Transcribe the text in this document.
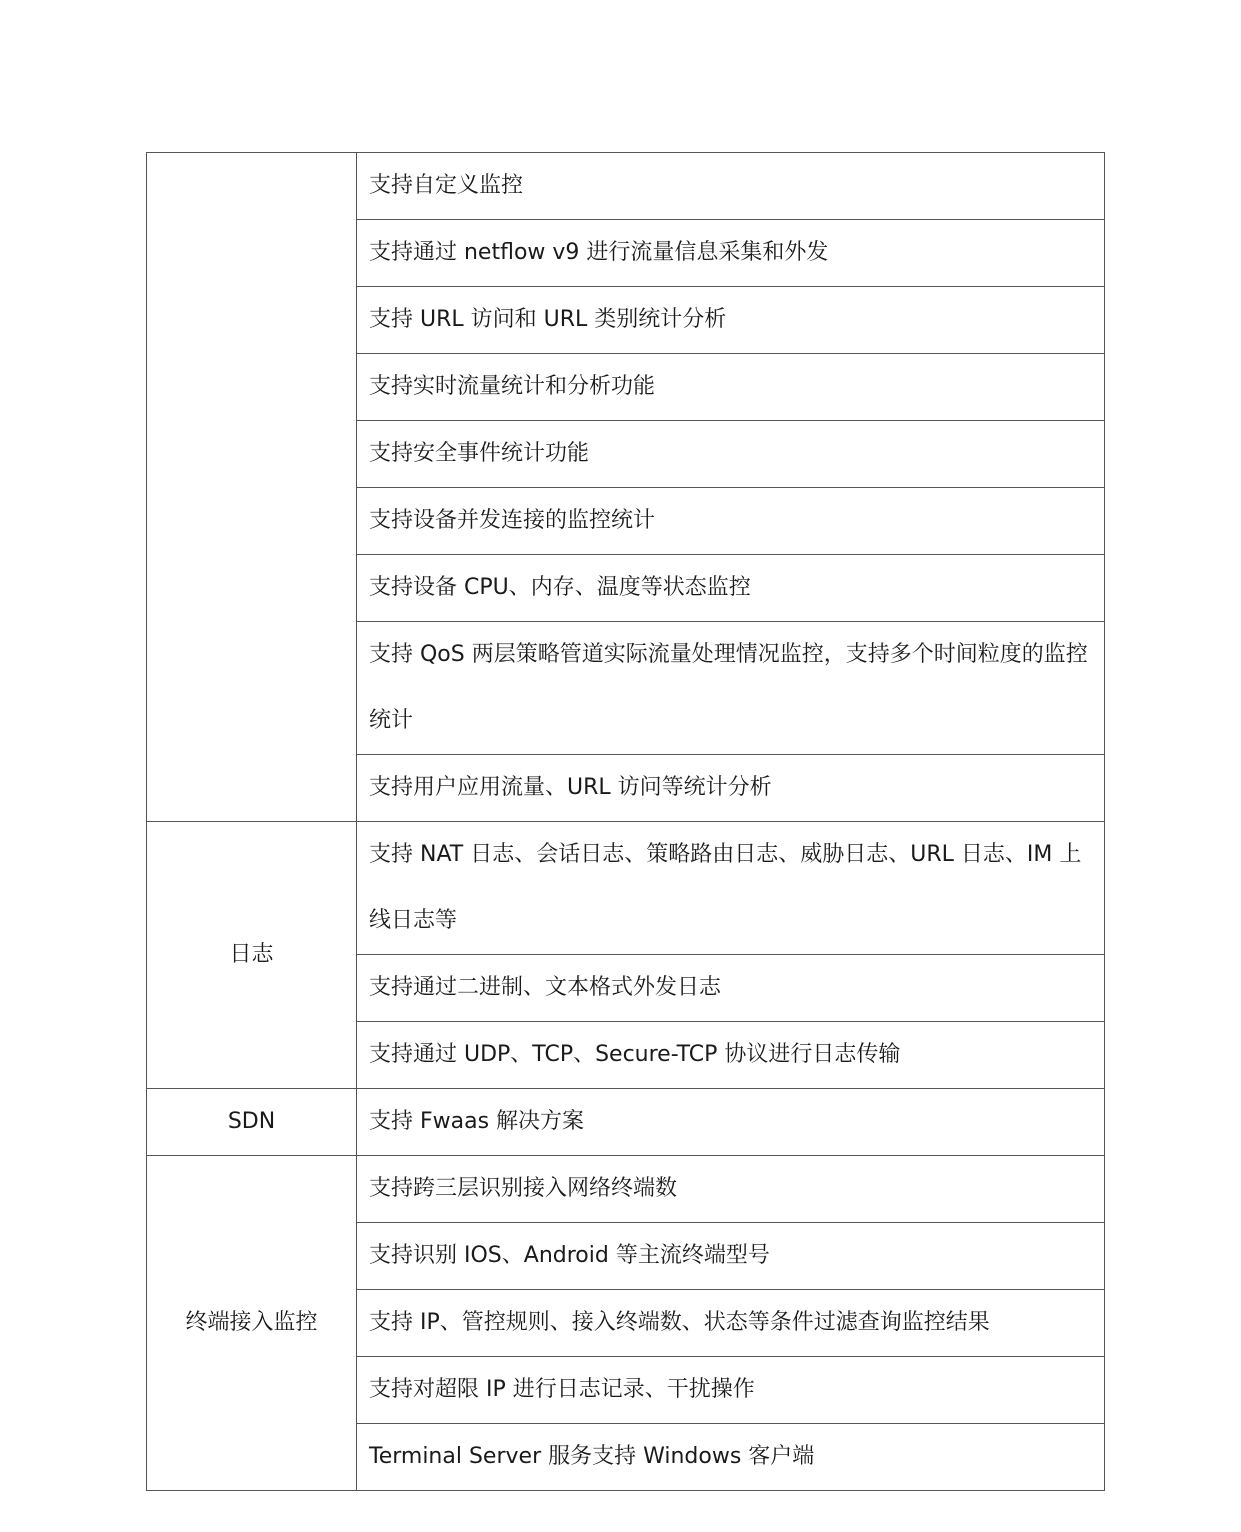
	支持自定义监控
	支持通过 netflow v9 进行流量信息采集和外发
	支持 URL 访问和 URL 类别统计分析
	支持实时流量统计和分析功能
	支持安全事件统计功能
	支持设备并发连接的监控统计
	支持设备 CPU、内存、温度等状态监控
	支持 QoS 两层策略管道实际流量处理情况监控，支持多个时间粒度的监控统计
	支持用户应用流量、URL 访问等统计分析
日志	支持 NAT 日志、会话日志、策略路由日志、威胁日志、URL 日志、IM 上线日志等
	支持通过二进制、文本格式外发日志
	支持通过 UDP、TCP、Secure-TCP 协议进行日志传输
SDN	支持 Fwaas 解决方案
终端接入监控	支持跨三层识别接入网络终端数
	支持识别 IOS、Android 等主流终端型号
	支持 IP、管控规则、接入终端数、状态等条件过滤查询监控结果
	支持对超限 IP 进行日志记录、干扰操作
	Terminal Server 服务支持 Windows 客户端
